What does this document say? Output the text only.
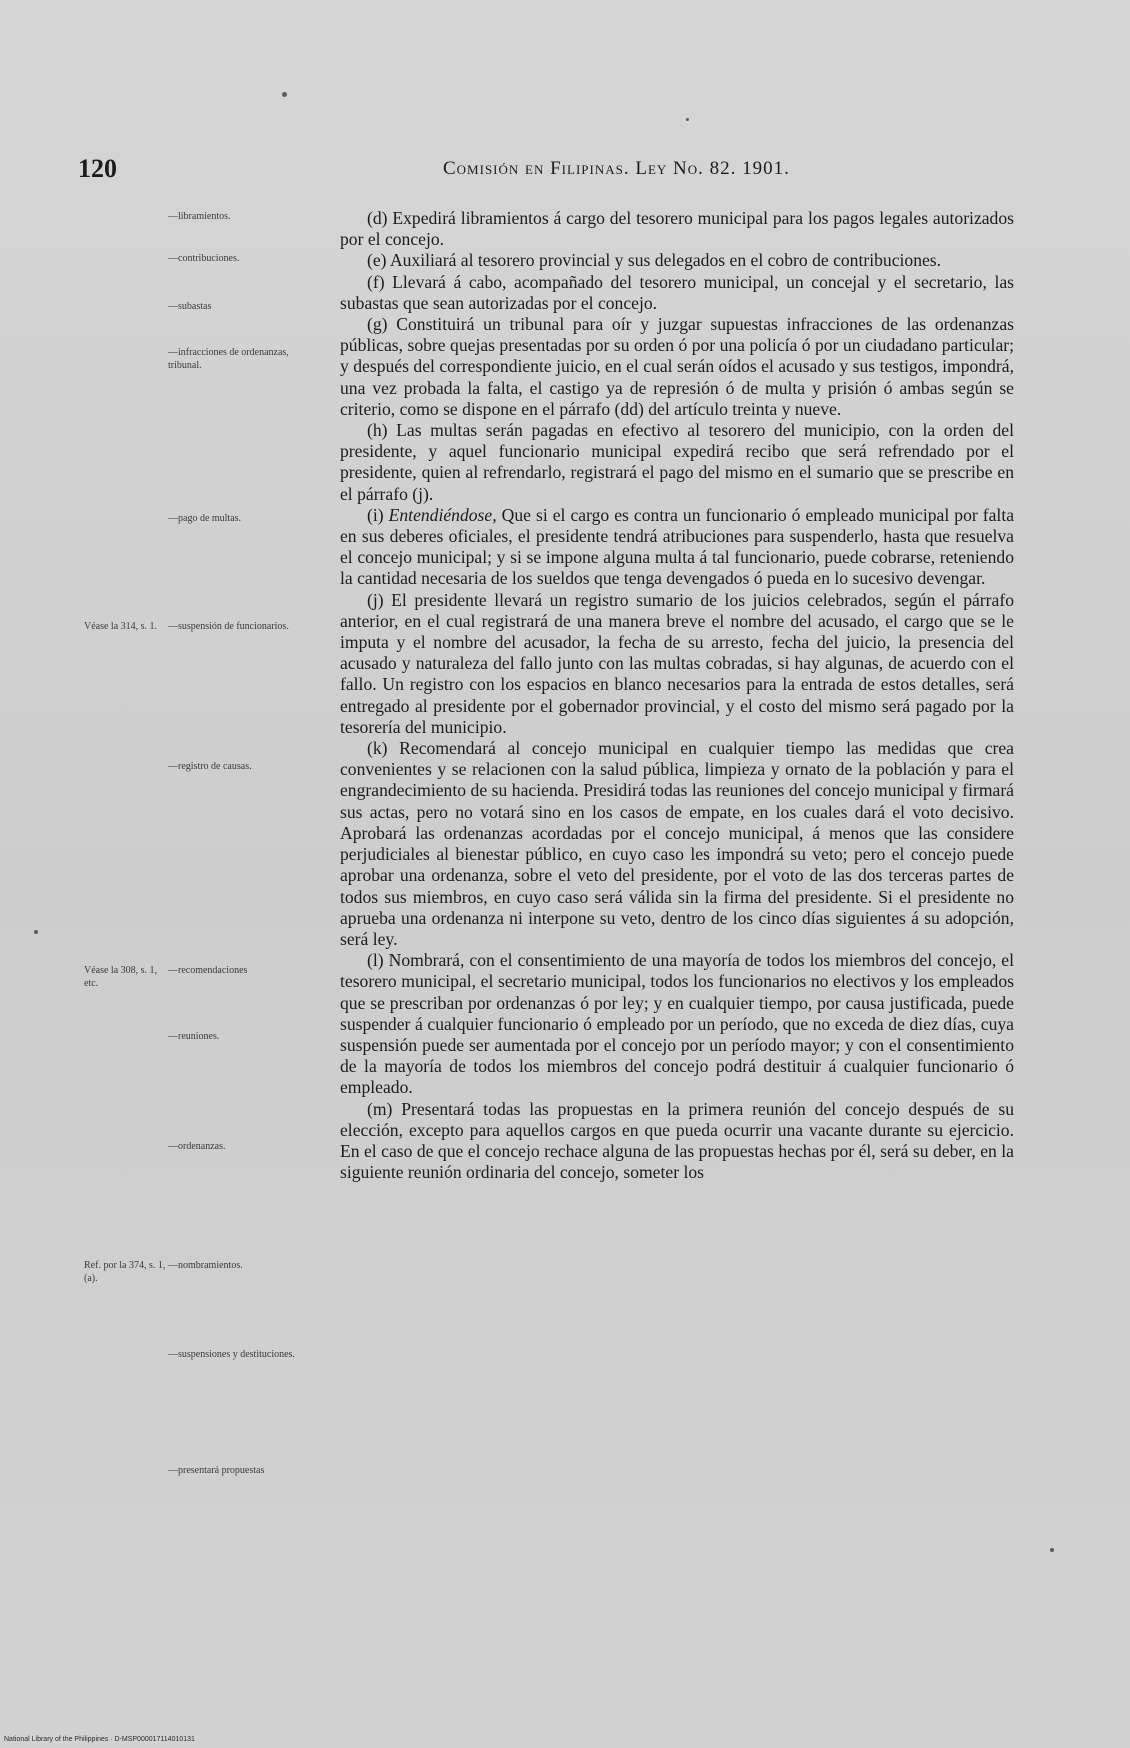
120	Comisión en Filipinas. Ley No. 82. 1901.
—libramientos.
—contribuciones.
—subastas
—infracciones de ordenanzas, tribunal.
—pago de multas.
—suspensión de funcionarios.
—registro de causas.
—recomendaciones
—reuniones.
—ordenanzas.
—nombramientos.
—suspensiones y destituciones.
—presentará propuestas
Véase la 314, s. 1.
Véase la 308, s. 1, etc.
Ref. por la 374, s. 1, (a).

(d) Expedirá libramientos á cargo del tesorero municipal para los pagos legales autorizados por el concejo.

(e) Auxiliará al tesorero provincial y sus delegados en el cobro de contribuciones.

(f) Llevará á cabo, acompañado del tesorero municipal, un concejal y el secretario, las subastas que sean autorizadas por el concejo.

(g) Constituirá un tribunal para oír y juzgar supuestas infracciones de las ordenanzas públicas, sobre quejas presentadas por su orden ó por una policía ó por un ciudadano particular; y después del correspondiente juicio, en el cual serán oídos el acusado y sus testigos, impondrá, una vez probada la falta, el castigo ya de represión ó de multa y prisión ó ambas según se criterio, como se dispone en el párrafo (dd) del artículo treinta y nueve.

(h) Las multas serán pagadas en efectivo al tesorero del municipio, con la orden del presidente, y aquel funcionario municipal expedirá recibo que será refrendado por el presidente, quien al refrendarlo, registrará el pago del mismo en el sumario que se prescribe en el párrafo (j).

(i) Entendiéndose, Que si el cargo es contra un funcionario ó empleado municipal por falta en sus deberes oficiales, el presidente tendrá atribuciones para suspenderlo, hasta que resuelva el concejo municipal; y si se impone alguna multa á tal funcionario, puede cobrarse, reteniendo la cantidad necesaria de los sueldos que tenga devengados ó pueda en lo sucesivo devengar.

(j) El presidente llevará un registro sumario de los juicios celebrados, según el párrafo anterior, en el cual registrará de una manera breve el nombre del acusado, el cargo que se le imputa y el nombre del acusador, la fecha de su arresto, fecha del juicio, la presencia del acusado y naturaleza del fallo junto con las multas cobradas, si hay algunas, de acuerdo con el fallo. Un registro con los espacios en blanco necesarios para la entrada de estos detalles, será entregado al presidente por el gobernador provincial, y el costo del mismo será pagado por la tesorería del municipio.

(k) Recomendará al concejo municipal en cualquier tiempo las medidas que crea convenientes y se relacionen con la salud pública, limpieza y ornato de la población y para el engrandecimiento de su hacienda. Presidirá todas las reuniones del concejo municipal y firmará sus actas, pero no votará sino en los casos de empate, en los cuales dará el voto decisivo. Aprobará las ordenanzas acordadas por el concejo municipal, á menos que las considere perjudiciales al bienestar público, en cuyo caso les impondrá su veto; pero el concejo puede aprobar una ordenanza, sobre el veto del presidente, por el voto de las dos terceras partes de todos sus miembros, en cuyo caso será válida sin la firma del presidente. Si el presidente no aprueba una ordenanza ni interpone su veto, dentro de los cinco días siguientes á su adopción, será ley.

(l) Nombrará, con el consentimiento de una mayoría de todos los miembros del concejo, el tesorero municipal, el secretario municipal, todos los funcionarios no electivos y los empleados que se prescriban por ordenanzas ó por ley; y en cualquier tiempo, por causa justificada, puede suspender á cualquier funcionario ó empleado por un período, que no exceda de diez días, cuya suspensión puede ser aumentada por el concejo por un período mayor; y con el consentimiento de la mayoría de todos los miembros del concejo podrá destituir á cualquier funcionario ó empleado.

(m) Presentará todas las propuestas en la primera reunión del concejo después de su elección, excepto para aquellos cargos en que pueda ocurrir una vacante durante su ejercicio. En el caso de que el concejo rechace alguna de las propuestas hechas por él, será su deber, en la siguiente reunión ordinaria del concejo, someter los

National Library of the Philippines · D-MSP000017114010131
